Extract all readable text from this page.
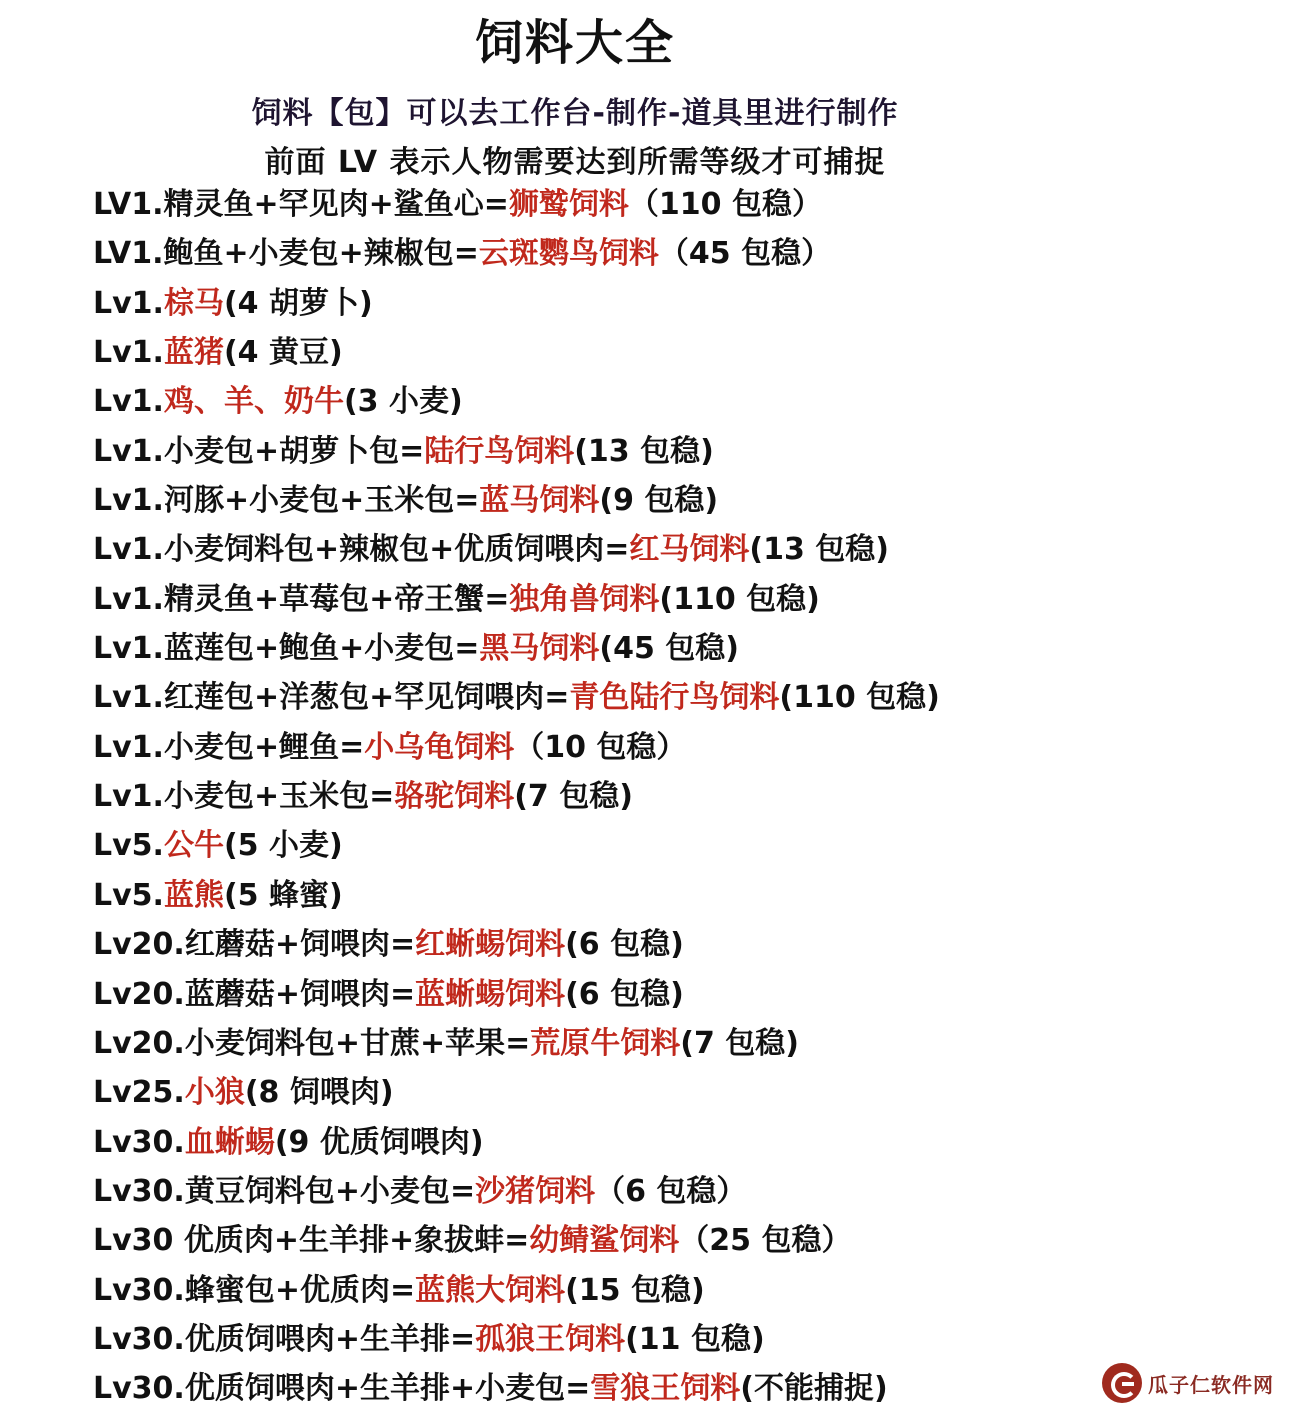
饲料大全
饲料【包】可以去工作台-制作-道具里进行制作
前面 LV 表示人物需要达到所需等级才可捕捉
LV1.精灵鱼+罕见肉+鲨鱼心=狮鹫饲料（110 包稳）
LV1.鲍鱼+小麦包+辣椒包=云斑鹦鸟饲料（45 包稳）
Lv1.棕马(4 胡萝卜)
Lv1.蓝猪(4 黄豆)
Lv1.鸡、羊、奶牛(3 小麦)
Lv1.小麦包+胡萝卜包=陆行鸟饲料(13 包稳)
Lv1.河豚+小麦包+玉米包=蓝马饲料(9 包稳)
Lv1.小麦饲料包+辣椒包+优质饲喂肉=红马饲料(13 包稳)
Lv1.精灵鱼+草莓包+帝王蟹=独角兽饲料(110 包稳)
Lv1.蓝莲包+鲍鱼+小麦包=黑马饲料(45 包稳)
Lv1.红莲包+洋葱包+罕见饲喂肉=青色陆行鸟饲料(110 包稳)
Lv1.小麦包+鲤鱼=小乌龟饲料（10 包稳）
Lv1.小麦包+玉米包=骆驼饲料(7 包稳)
Lv5.公牛(5 小麦)
Lv5.蓝熊(5 蜂蜜)
Lv20.红蘑菇+饲喂肉=红蜥蜴饲料(6 包稳)
Lv20.蓝蘑菇+饲喂肉=蓝蜥蜴饲料(6 包稳)
Lv20.小麦饲料包+甘蔗+苹果=荒原牛饲料(7 包稳)
Lv25.小狼(8 饲喂肉)
Lv30.血蜥蜴(9 优质饲喂肉)
Lv30.黄豆饲料包+小麦包=沙猪饲料（6 包稳）
Lv30 优质肉+生羊排+象拔蚌=幼鲭鲨饲料（25 包稳）
Lv30.蜂蜜包+优质肉=蓝熊大饲料(15 包稳)
Lv30.优质饲喂肉+生羊排=孤狼王饲料(11 包稳)
Lv30.优质饲喂肉+生羊排+小麦包=雪狼王饲料(不能捕捉)	瓜子仁软件网
